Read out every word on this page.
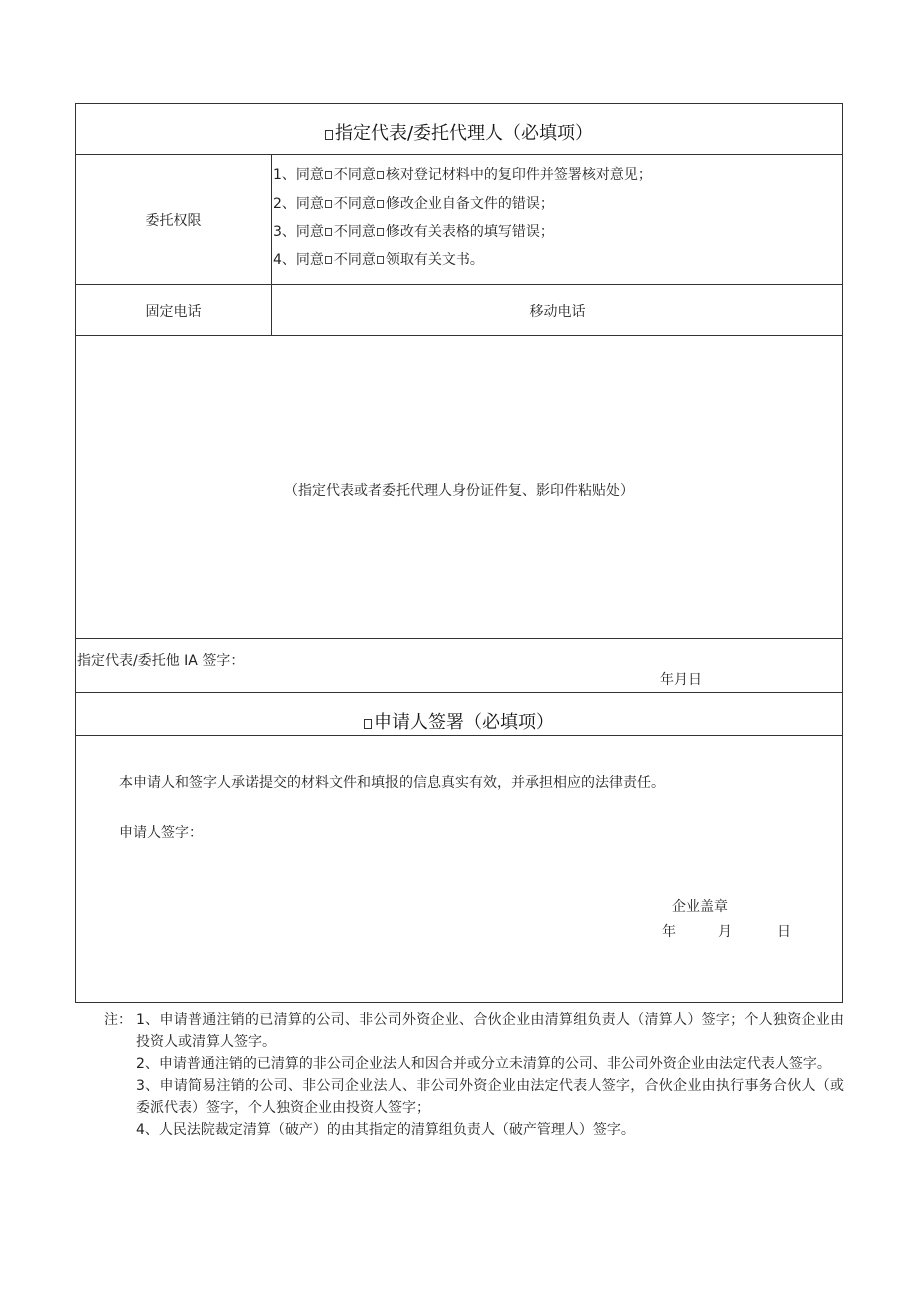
指定代表/委托代理人（必填项）
委托权限
1、同意 不同意 核对登记材料中的复印件并签署核对意见；
2、同意 不同意 修改企业自备文件的错误；
3、同意 不同意 修改有关表格的填写错误；
4、同意 不同意 领取有关文书。
固定电话	移动电话
（指定代表或者委托代理人身份证件复、影印件粘贴处）
指定代表/委托他 IA 签字：
年月日
申请人签署（必填项）
本申请人和签字人承诺提交的材料文件和填报的信息真实有效，并承担相应的法律责任。
申请人签字：
企业盖章
年	月	日
注： 1、申请普通注销的已清算的公司、非公司外资企业、合伙企业由清算组负责人（清算人）签字；个人独资企业由投资人或清算人签字。
2、申请普通注销的已清算的非公司企业法人和因合并或分立未清算的公司、非公司外资企业由法定代表人签字。
3、申请简易注销的公司、非公司企业法人、非公司外资企业由法定代表人签字，合伙企业由执行事务合伙人（或委派代表）签字，个人独资企业由投资人签字；
4、人民法院裁定清算（破产）的由其指定的清算组负责人（破产管理人）签字。
